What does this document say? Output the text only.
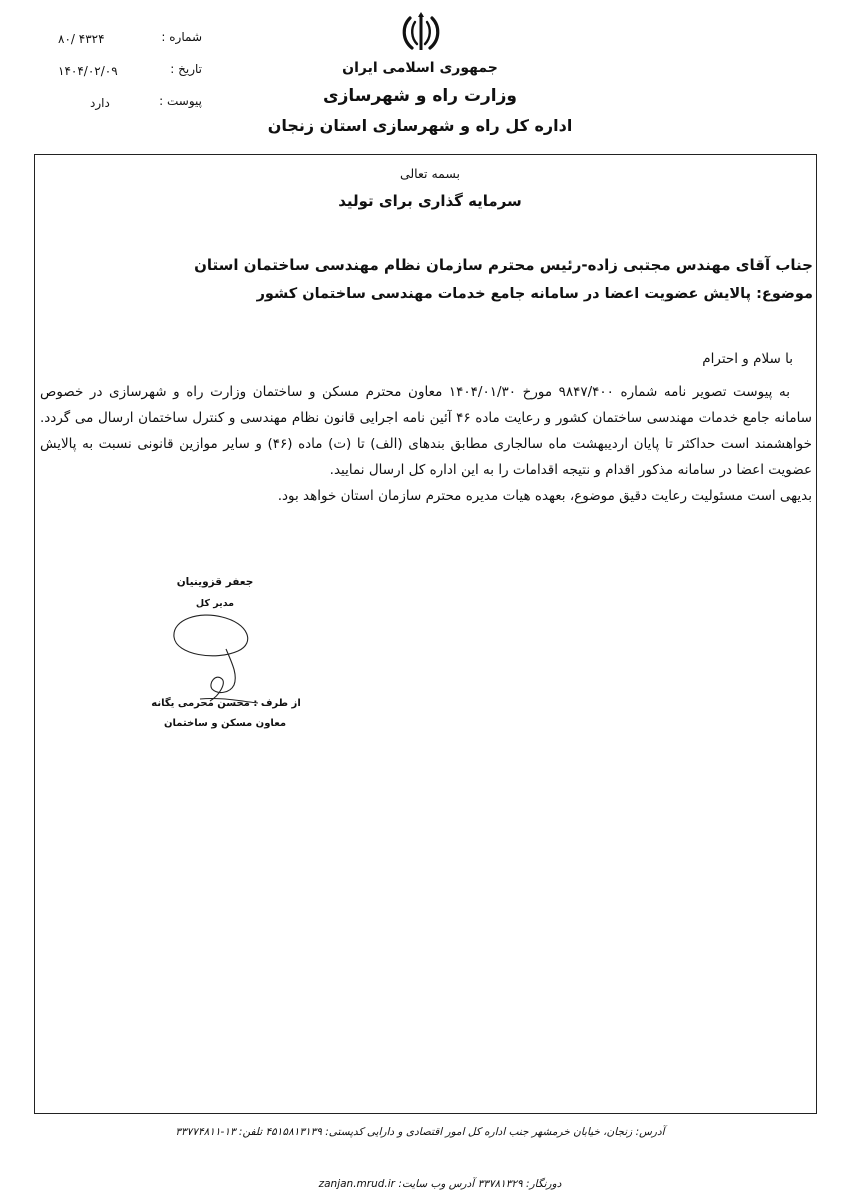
شماره :
۸۰/ ۴۳۲۴
تاریخ :
۱۴۰۴/۰۲/۰۹
پیوست :
دارد
جمهوری اسلامی ایران
وزارت راه و شهرسازی
اداره کل راه و شهرسازی استان زنجان
بسمه تعالی
سرمایه گذاری برای تولید
جناب آقای مهندس مجتبی زاده-رئیس محترم سازمان نظام مهندسی ساختمان استان
موضوع: پالایش عضویت اعضا در سامانه جامع خدمات مهندسی ساختمان کشور
با سلام و احترام
به پیوست تصویر نامه شماره ۹۸۴۷/۴۰۰ مورخ ۱۴۰۴/۰۱/۳۰ معاون محترم مسکن و ساختمان وزارت راه و شهرسازی در خصوص سامانه جامع خدمات مهندسی ساختمان کشور و رعایت ماده ۴۶ آئین نامه اجرایی قانون نظام مهندسی و کنترل ساختمان ارسال می گردد. خواهشمند است حداکثر تا پایان اردیبهشت ماه سالجاری مطابق بندهای (الف) تا (ت) ماده (۴۶) و سایر موازین قانونی نسبت به پالایش عضویت اعضا در سامانه مذکور اقدام و نتیجه اقدامات را به این اداره کل ارسال نمایید.
بدیهی است مسئولیت رعایت دقیق موضوع، بعهده هیات مدیره محترم سازمان استان خواهد بود.
جعفر قزوینیان
مدیر کل
از طرف : محسن محرمی یگانه
معاون مسکن و ساختمان
آدرس: زنجان، خیابان خرمشهر جنب اداره کل امور اقتصادی و دارایی کدپستی: ۴۵۱۵۸۱۳۱۳۹ تلفن: ۱۳-۳۳۷۷۴۸۱۱
دورنگار: ۳۳۷۸۱۳۲۹ آدرس وب سایت: zanjan.mrud.ir
